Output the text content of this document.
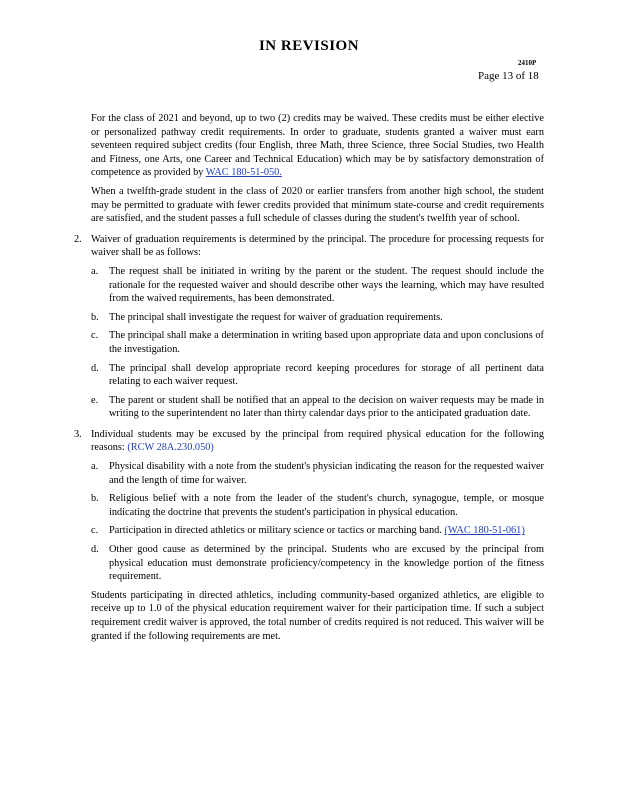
IN REVISION
2410P
Page 13 of 18

For the class of 2021 and beyond, up to two (2) credits may be waived. These credits must be either elective or personalized pathway credit requirements. In order to graduate, students granted a waiver must earn seventeen required subject credits (four English, three Math, three Science, three Social Studies, two Health and Fitness, one Arts, one Career and Technical Education) which may be by satisfactory demonstration of competence as provided by WAC 180-51-050.

When a twelfth-grade student in the class of 2020 or earlier transfers from another high school, the student may be permitted to graduate with fewer credits provided that minimum state-course and credit requirements are satisfied, and the student passes a full schedule of classes during the student's twelfth year of school.

2. Waiver of graduation requirements is determined by the principal. The procedure for processing requests for waiver shall be as follows:

a.	The request shall be initiated in writing by the parent or the student. The request should include the rationale for the requested waiver and should describe other ways the learning, which may have resulted from the waived requirements, has been demonstrated.
b. The principal shall investigate the request for waiver of graduation requirements.
c.	The principal shall make a determination in writing based upon appropriate data and upon conclusions of the investigation.
d. The principal shall develop appropriate record keeping procedures for storage of all pertinent data relating to each waiver request.
e.	The parent or student shall be notified that an appeal to the decision on waiver requests may be made in writing to the superintendent no later than thirty calendar days prior to the anticipated graduation date.
3. Individual students may be excused by the principal from required physical education for the following reasons: (RCW 28A.230.050)

a.	Physical disability with a note from the student's physician indicating the reason for the requested waiver and the length of time for waiver.
b. Religious belief with a note from the leader of the student's church, synagogue, temple, or mosque indicating the doctrine that prevents the student's participation in physical education.
c.	Participation in directed athletics or military science or tactics or marching band. (WAC 180-51-061)
d. Other good cause as determined by the principal. Students who are excused by the principal from physical education must demonstrate proficiency/competency in the knowledge portion of the fitness requirement.

Students participating in directed athletics, including community-based organized athletics, are eligible to receive up to 1.0 of the physical education requirement waiver for their participation time. If such a subject requirement credit waiver is approved, the total number of credits required is not reduced. This waiver will be granted if the following requirements are met.
